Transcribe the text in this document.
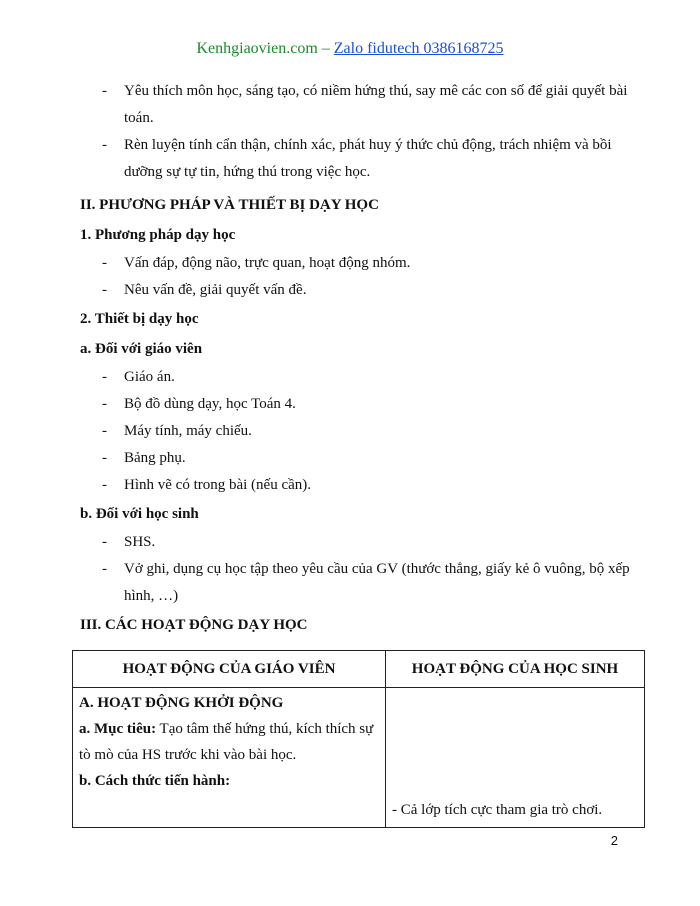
Kenhgiaovien.com – Zalo fidutech 0386168725
- Yêu thích môn học, sáng tạo, có niềm hứng thú, say mê các con số để giải quyết bài toán.
- Rèn luyện tính cẩn thận, chính xác, phát huy ý thức chủ động, trách nhiệm và bồi dưỡng sự tự tin, hứng thú trong việc học.
II. PHƯƠNG PHÁP VÀ THIẾT BỊ DẠY HỌC
1. Phương pháp dạy học
- Vấn đáp, động não, trực quan, hoạt động nhóm.
- Nêu vấn đề, giải quyết vấn đề.
2. Thiết bị dạy học
a. Đối với giáo viên
- Giáo án.
- Bộ đồ dùng dạy, học Toán 4.
- Máy tính, máy chiếu.
- Bảng phụ.
- Hình vẽ có trong bài (nếu cần).
b. Đối với học sinh
- SHS.
- Vở ghi, dụng cụ học tập theo yêu cầu của GV (thước thẳng, giấy kẻ ô vuông, bộ xếp hình, …)
III. CÁC HOẠT ĐỘNG DẠY HỌC
HOẠT ĐỘNG CỦA GIÁO VIÊN	HOẠT ĐỘNG CỦA HỌC SINH

A. HOẠT ĐỘNG KHỞI ĐỘNG
a. Mục tiêu: Tạo tâm thế hứng thú, kích thích sự tò mò của HS trước khi vào bài học.
b. Cách thức tiến hành:	- Cả lớp tích cực tham gia trò chơi.
2
